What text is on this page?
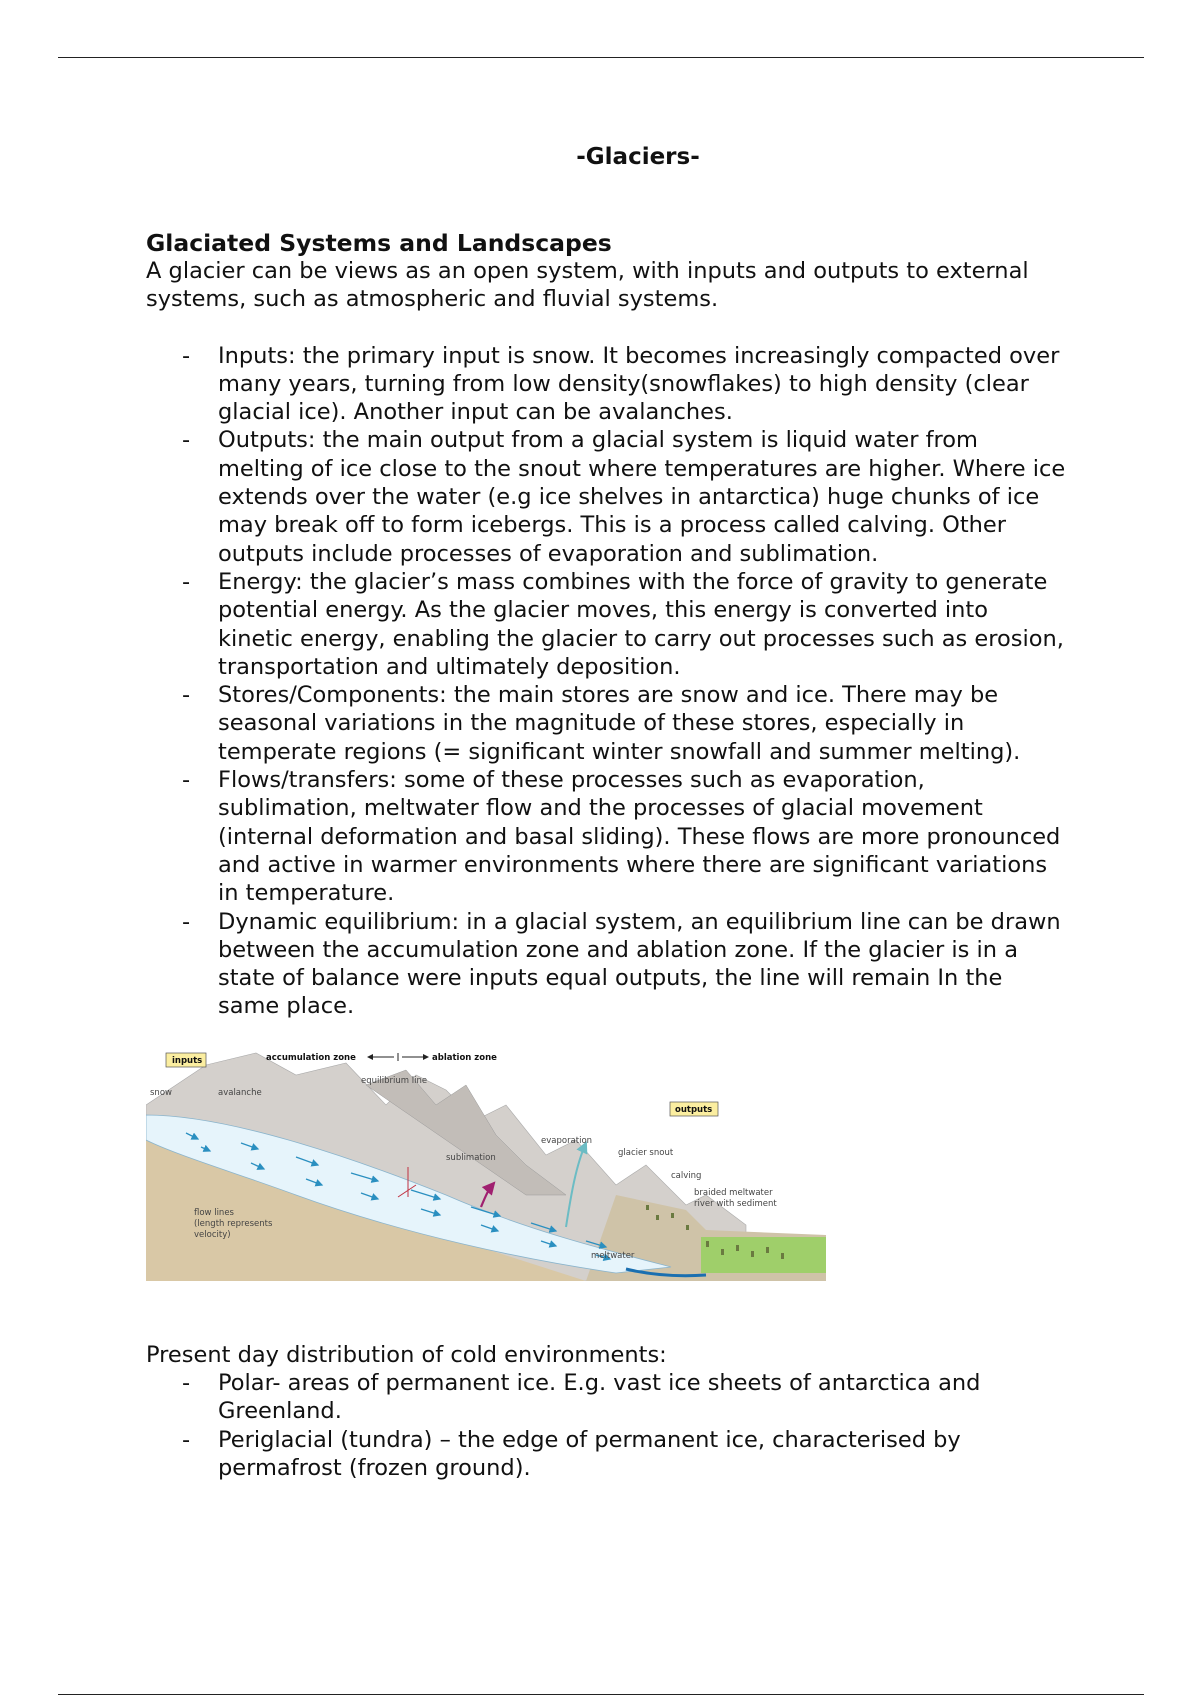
-Glaciers-
Glaciated Systems and Landscapes

A glacier can be views as an open system, with inputs and outputs to external systems, such as atmospheric and fluvial systems.

- Inputs: the primary input is snow. It becomes increasingly compacted over many years, turning from low density(snowflakes) to high density (clear glacial ice). Another input can be avalanches.
- Outputs: the main output from a glacial system is liquid water from melting of ice close to the snout where temperatures are higher. Where ice extends over the water (e.g ice shelves in antarctica) huge chunks of ice may break off to form icebergs. This is a process called calving. Other outputs include processes of evaporation and sublimation.
- Energy: the glacier’s mass combines with the force of gravity to generate potential energy. As the glacier moves, this energy is converted into kinetic energy, enabling the glacier to carry out processes such as erosion, transportation and ultimately deposition.
- Stores/Components: the main stores are snow and ice. There may be seasonal variations in the magnitude of these stores, especially in temperate regions (= significant winter snowfall and summer melting).
- Flows/transfers: some of these processes such as evaporation, sublimation, meltwater flow and the processes of glacial movement (internal deformation and basal sliding). These flows are more pronounced and active in warmer environments where there are significant variations in temperature.
- Dynamic equilibrium: in a glacial system, an equilibrium line can be drawn between the accumulation zone and ablation zone. If the glacier is in a state of balance were inputs equal outputs, the line will remain In the same place.
inputs	accumulation zone	ablation zone
equilibrium line
snow	avalanche
outputs
evaporation
sublimation	glacier snout
calving
braided meltwater
river with sediment
flow lines
(length represents
velocity)
meltwater

Present day distribution of cold environments:

- Polar- areas of permanent ice. E.g. vast ice sheets of antarctica and Greenland.
- Periglacial (tundra) – the edge of permanent ice, characterised by permafrost (frozen ground).
